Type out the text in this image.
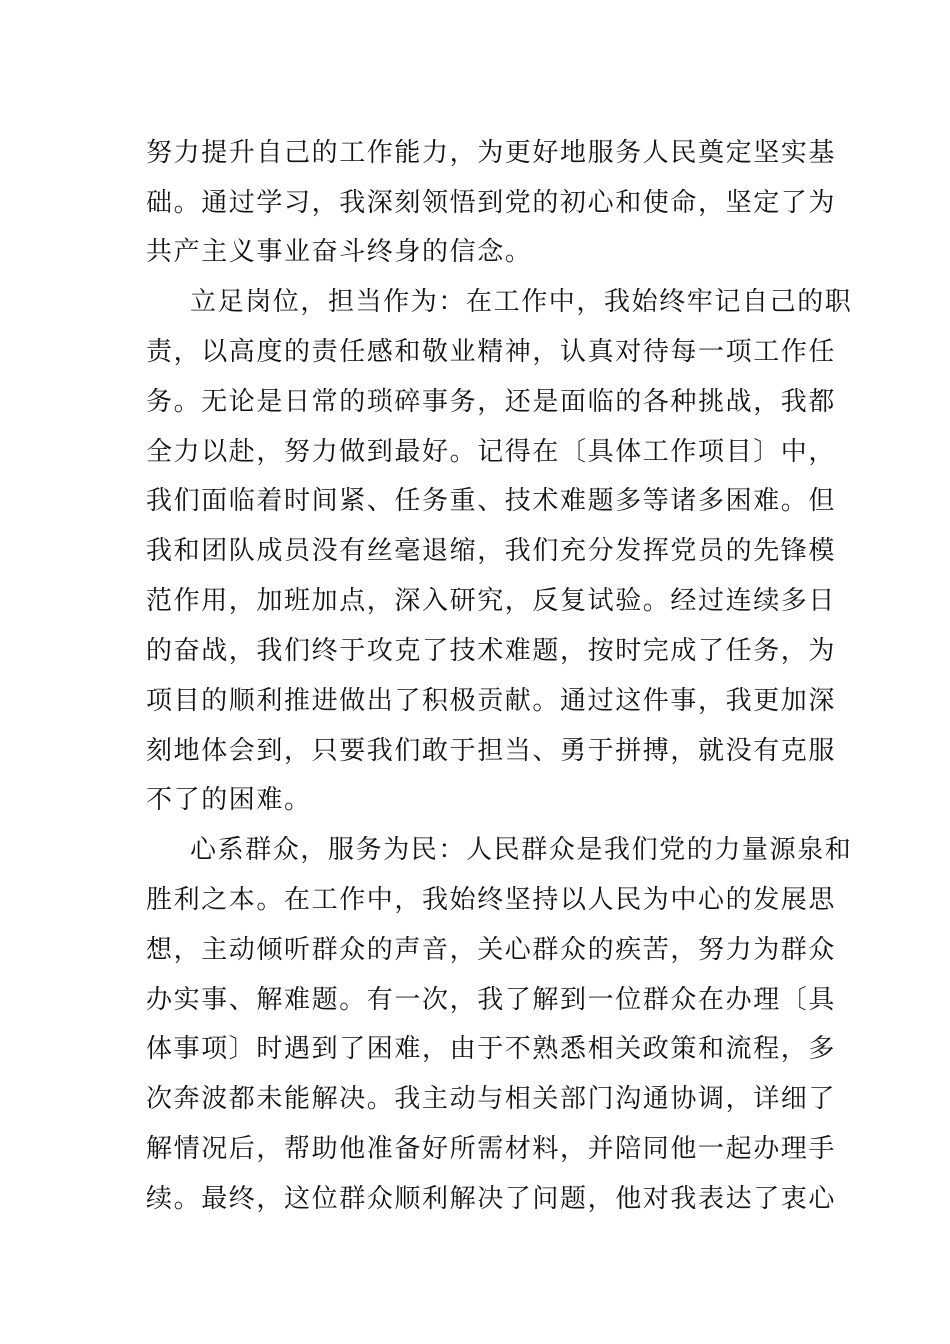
努力提升自己的工作能力，为更好地服务人民奠定坚实基
础。通过学习，我深刻领悟到党的初心和使命，坚定了为
共产主义事业奋斗终身的信念。
立足岗位，担当作为：在工作中，我始终牢记自己的职
责，以高度的责任感和敬业精神，认真对待每一项工作任
务。无论是日常的琐碎事务，还是面临的各种挑战，我都
全力以赴，努力做到最好。记得在〔具体工作项目〕中，
我们面临着时间紧、任务重、技术难题多等诸多困难。但
我和团队成员没有丝毫退缩，我们充分发挥党员的先锋模
范作用，加班加点，深入研究，反复试验。经过连续多日
的奋战，我们终于攻克了技术难题，按时完成了任务，为
项目的顺利推进做出了积极贡献。通过这件事，我更加深
刻地体会到，只要我们敢于担当、勇于拼搏，就没有克服
不了的困难。
心系群众，服务为民：人民群众是我们党的力量源泉和
胜利之本。在工作中，我始终坚持以人民为中心的发展思
想，主动倾听群众的声音，关心群众的疾苦，努力为群众
办实事、解难题。有一次，我了解到一位群众在办理〔具
体事项〕时遇到了困难，由于不熟悉相关政策和流程，多
次奔波都未能解决。我主动与相关部门沟通协调，详细了
解情况后，帮助他准备好所需材料，并陪同他一起办理手
续。最终，这位群众顺利解决了问题，他对我表达了衷心
